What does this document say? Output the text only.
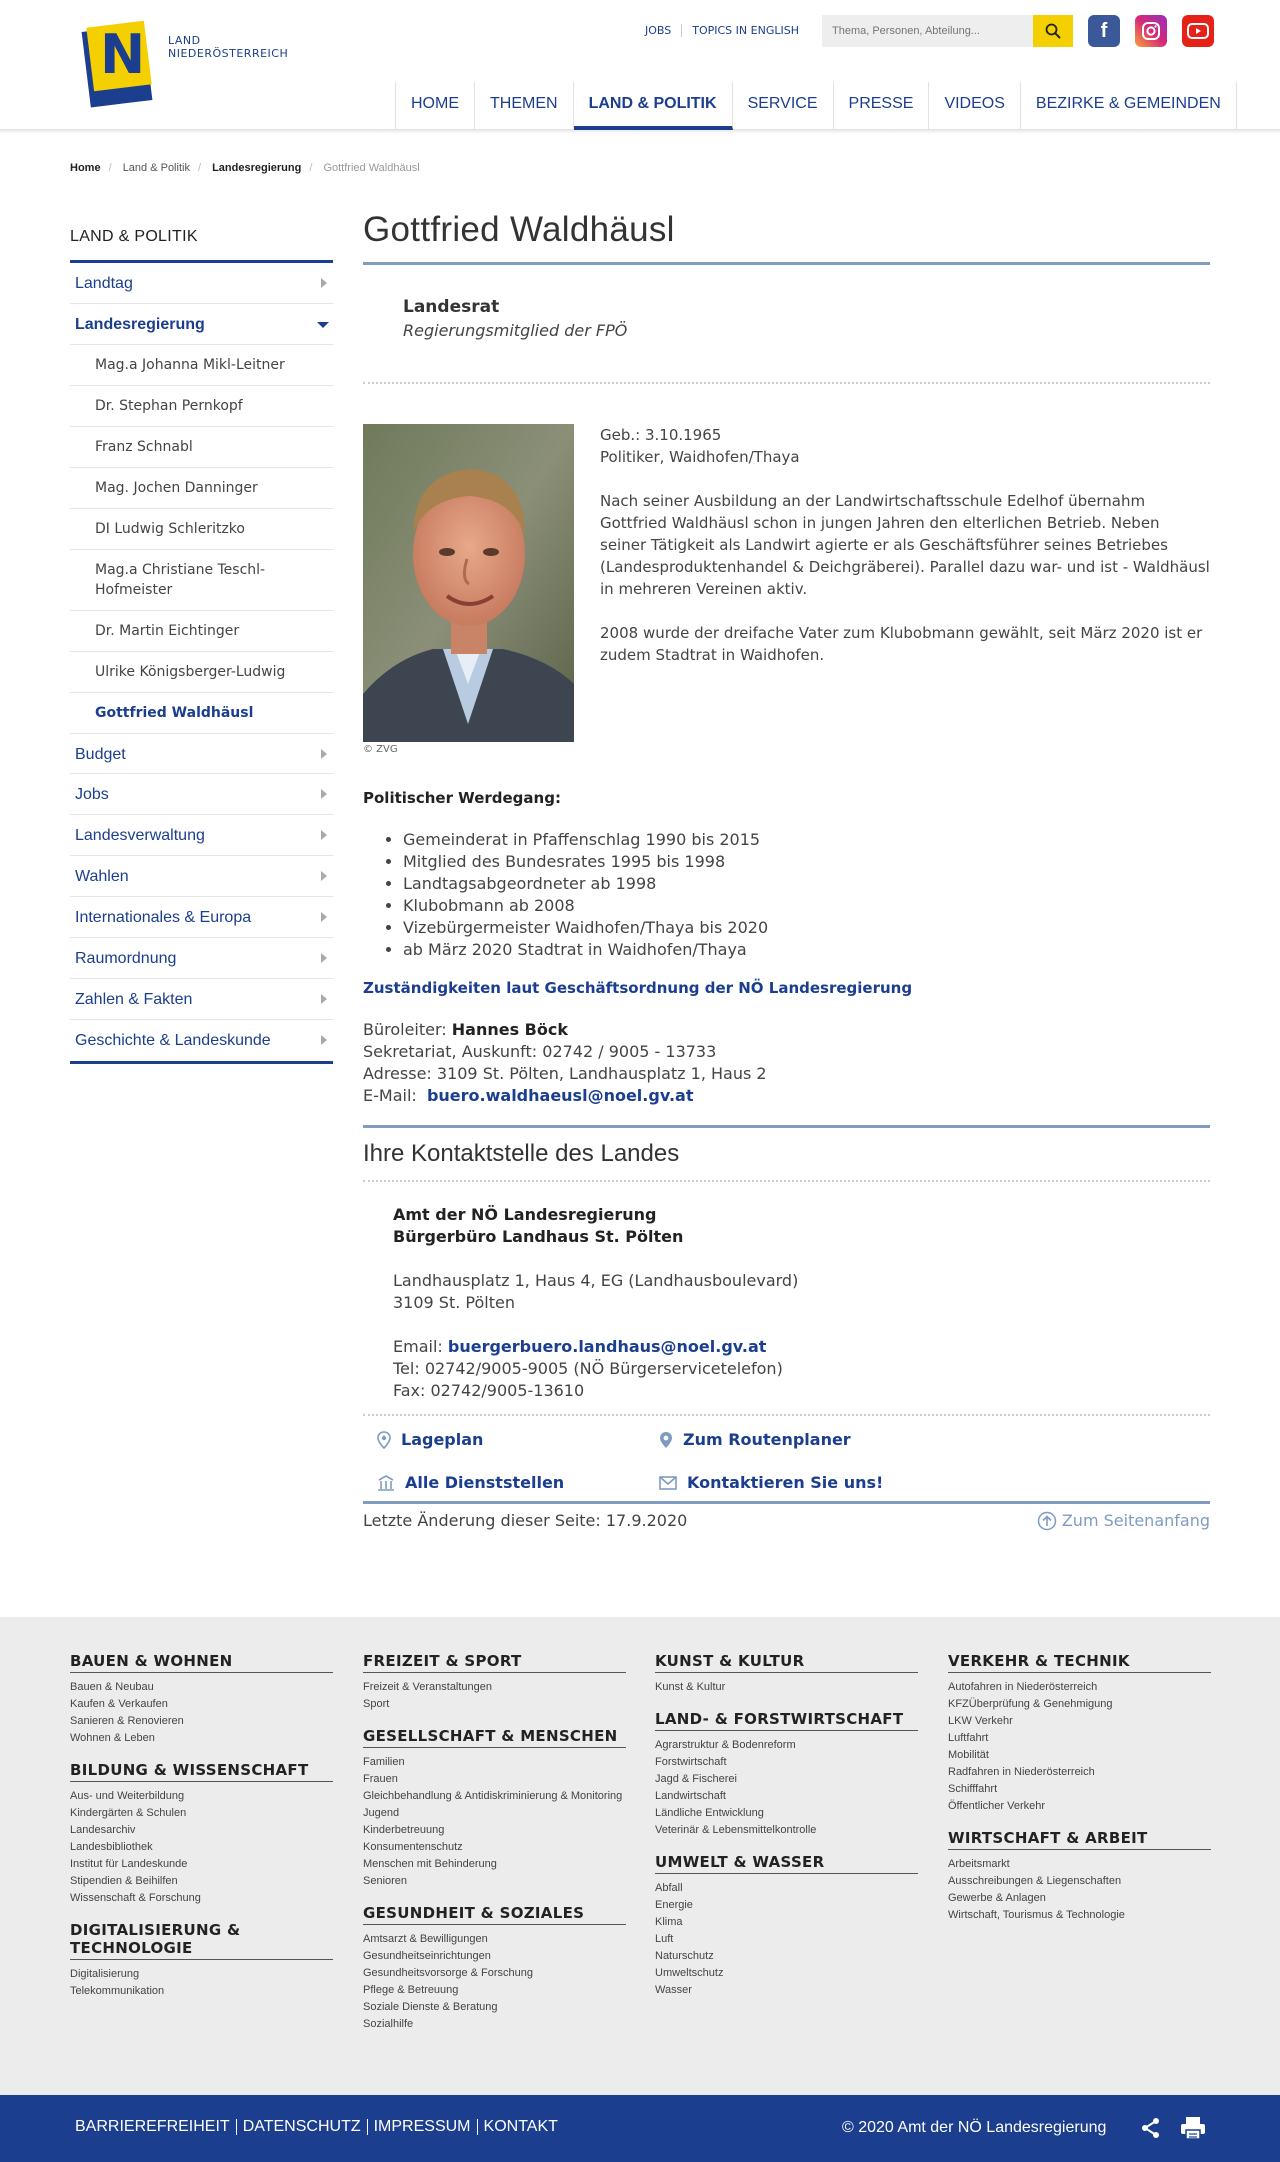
N LAND
NIEDERÖSTERREICH
JOBS	TOPICS IN ENGLISH
Thema, Personen, Abteilung...	f
HOME	THEMEN	LAND & POLITIK	SERVICE	PRESSE	VIDEOS	BEZIRKE & GEMEINDEN
Home / Land & Politik / Landesregierung / Gottfried Waldhäusl
LAND & POLITIK
Landtag
Landesregierung
Mag.a Johanna Mikl-Leitner
Dr. Stephan Pernkopf
Franz Schnabl
Mag. Jochen Danninger
DI Ludwig Schleritzko
Mag.a Christiane Teschl-Hofmeister
Dr. Martin Eichtinger
Ulrike Königsberger-Ludwig
Gottfried Waldhäusl
Budget
Jobs
Landesverwaltung
Wahlen
Internationales & Europa
Raumordnung
Zahlen & Fakten
Geschichte & Landeskunde
Gottfried Waldhäusl
Landesrat
Regierungsmitglied der FPÖ
© ZVG

Geb.: 3.10.1965
Politiker, Waidhofen/Thaya

Nach seiner Ausbildung an der Landwirtschaftsschule Edelhof übernahm Gottfried Waldhäusl schon in jungen Jahren den elterlichen Betrieb. Neben seiner Tätigkeit als Landwirt agierte er als Geschäftsführer seines Betriebes (Landesproduktenhandel & Deichgräberei). Parallel dazu war- und ist - Waldhäusl in mehreren Vereinen aktiv.

2008 wurde der dreifache Vater zum Klubobmann gewählt, seit März 2020 ist er zudem Stadtrat in Waidhofen.

Politischer Werdegang:
• Gemeinderat in Pfaffenschlag 1990 bis 2015
• Mitglied des Bundesrates 1995 bis 1998
• Landtagsabgeordneter ab 1998
• Klubobmann ab 2008
• Vizebürgermeister Waidhofen/Thaya bis 2020
• ab März 2020 Stadtrat in Waidhofen/Thaya
Zuständigkeiten laut Geschäftsordnung der NÖ Landesregierung
Büroleiter: Hannes Böck
Sekretariat, Auskunft: 02742 / 9005 - 13733
Adresse: 3109 St. Pölten, Landhausplatz 1, Haus 2
E-Mail: buero.waldhaeusl@noel.gv.at
Ihre Kontaktstelle des Landes
Amt der NÖ Landesregierung
Bürgerbüro Landhaus St. Pölten
Landhausplatz 1, Haus 4, EG (Landhausboulevard)
3109 St. Pölten
Email: buergerbuero.landhaus@noel.gv.at
Tel: 02742/9005-9005 (NÖ Bürgerservicetelefon)
Fax: 02742/9005-13610
Lageplan	Zum Routenplaner
Alle Dienststellen	Kontaktieren Sie uns!
Letzte Änderung dieser Seite: 17.9.2020	Zum Seitenanfang
BAUEN & WOHNEN
Bauen & Neubau
Kaufen & Verkaufen
Sanieren & Renovieren
Wohnen & Leben
BILDUNG & WISSENSCHAFT
Aus- und Weiterbildung
Kindergärten & Schulen
Landesarchiv
Landesbibliothek
Institut für Landeskunde
Stipendien & Beihilfen
Wissenschaft & Forschung
DIGITALISIERUNG & TECHNOLOGIE
Digitalisierung
Telekommunikation
FREIZEIT & SPORT
Freizeit & Veranstaltungen
Sport
GESELLSCHAFT & MENSCHEN
Familien
Frauen
Gleichbehandlung & Antidiskriminierung & Monitoring
Jugend
Kinderbetreuung
Konsumentenschutz
Menschen mit Behinderung
Senioren
GESUNDHEIT & SOZIALES
Amtsarzt & Bewilligungen
Gesundheitseinrichtungen
Gesundheitsvorsorge & Forschung
Pflege & Betreuung
Soziale Dienste & Beratung
Sozialhilfe
KUNST & KULTUR
Kunst & Kultur
LAND- & FORSTWIRTSCHAFT
Agrarstruktur & Bodenreform
Forstwirtschaft
Jagd & Fischerei
Landwirtschaft
Ländliche Entwicklung
Veterinär & Lebensmittelkontrolle
UMWELT & WASSER
Abfall
Energie
Klima
Luft
Naturschutz
Umweltschutz
Wasser
VERKEHR & TECHNIK
Autofahren in Niederösterreich
KFZÜberprüfung & Genehmigung
LKW Verkehr
Luftfahrt
Mobilität
Radfahren in Niederösterreich
Schifffahrt
Öffentlicher Verkehr
WIRTSCHAFT & ARBEIT
Arbeitsmarkt
Ausschreibungen & Liegenschaften
Gewerbe & Anlagen
Wirtschaft, Tourismus & Technologie
BARRIEREFREIHEIT DATENSCHUTZ IMPRESSUM KONTAKT	© 2020 Amt der NÖ Landesregierung
